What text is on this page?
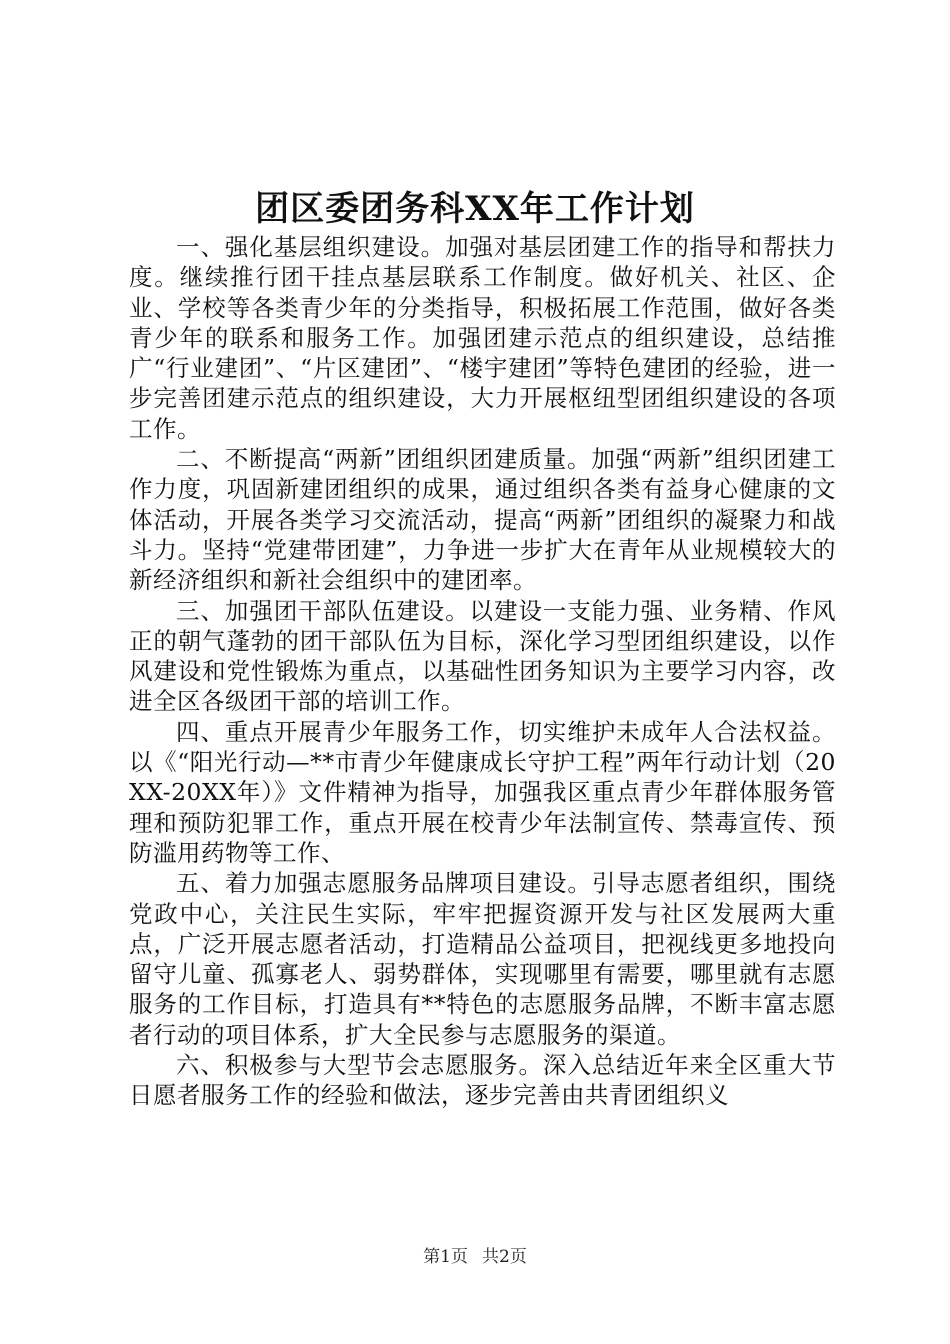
团区委团务科XX年工作计划

一、强化基层组织建设。加强对基层团建工作的指导和帮扶力度。继续推行团干挂点基层联系工作制度。做好机关、社区、企业、学校等各类青少年的分类指导，积极拓展工作范围，做好各类青少年的联系和服务工作。加强团建示范点的组织建设，总结推广“行业建团”、“片区建团”、“楼宇建团”等特色建团的经验，进一步完善团建示范点的组织建设，大力开展枢纽型团组织建设的各项工作。

二、不断提高“两新”团组织团建质量。加强“两新”组织团建工作力度，巩固新建团组织的成果，通过组织各类有益身心健康的文体活动，开展各类学习交流活动，提高“两新”团组织的凝聚力和战斗力。坚持“党建带团建”，力争进一步扩大在青年从业规模较大的新经济组织和新社会组织中的建团率。

三、加强团干部队伍建设。以建设一支能力强、业务精、作风正的朝气蓬勃的团干部队伍为目标，深化学习型团组织建设，以作风建设和党性锻炼为重点，以基础性团务知识为主要学习内容，改进全区各级团干部的培训工作。

四、重点开展青少年服务工作，切实维护未成年人合法权益。以《“阳光行动—**市青少年健康成长守护工程”两年行动计划（20XX-20XX年）》文件精神为指导，加强我区重点青少年群体服务管理和预防犯罪工作，重点开展在校青少年法制宣传、禁毒宣传、预防滥用药物等工作、

五、着力加强志愿服务品牌项目建设。引导志愿者组织，围绕党政中心，关注民生实际，牢牢把握资源开发与社区发展两大重点，广泛开展志愿者活动，打造精品公益项目，把视线更多地投向留守儿童、孤寡老人、弱势群体，实现哪里有需要，哪里就有志愿服务的工作目标，打造具有**特色的志愿服务品牌，不断丰富志愿者行动的项目体系，扩大全民参与志愿服务的渠道。

六、积极参与大型节会志愿服务。深入总结近年来全区重大节日愿者服务工作的经验和做法，逐步完善由共青团组织义

第1页 共2页
